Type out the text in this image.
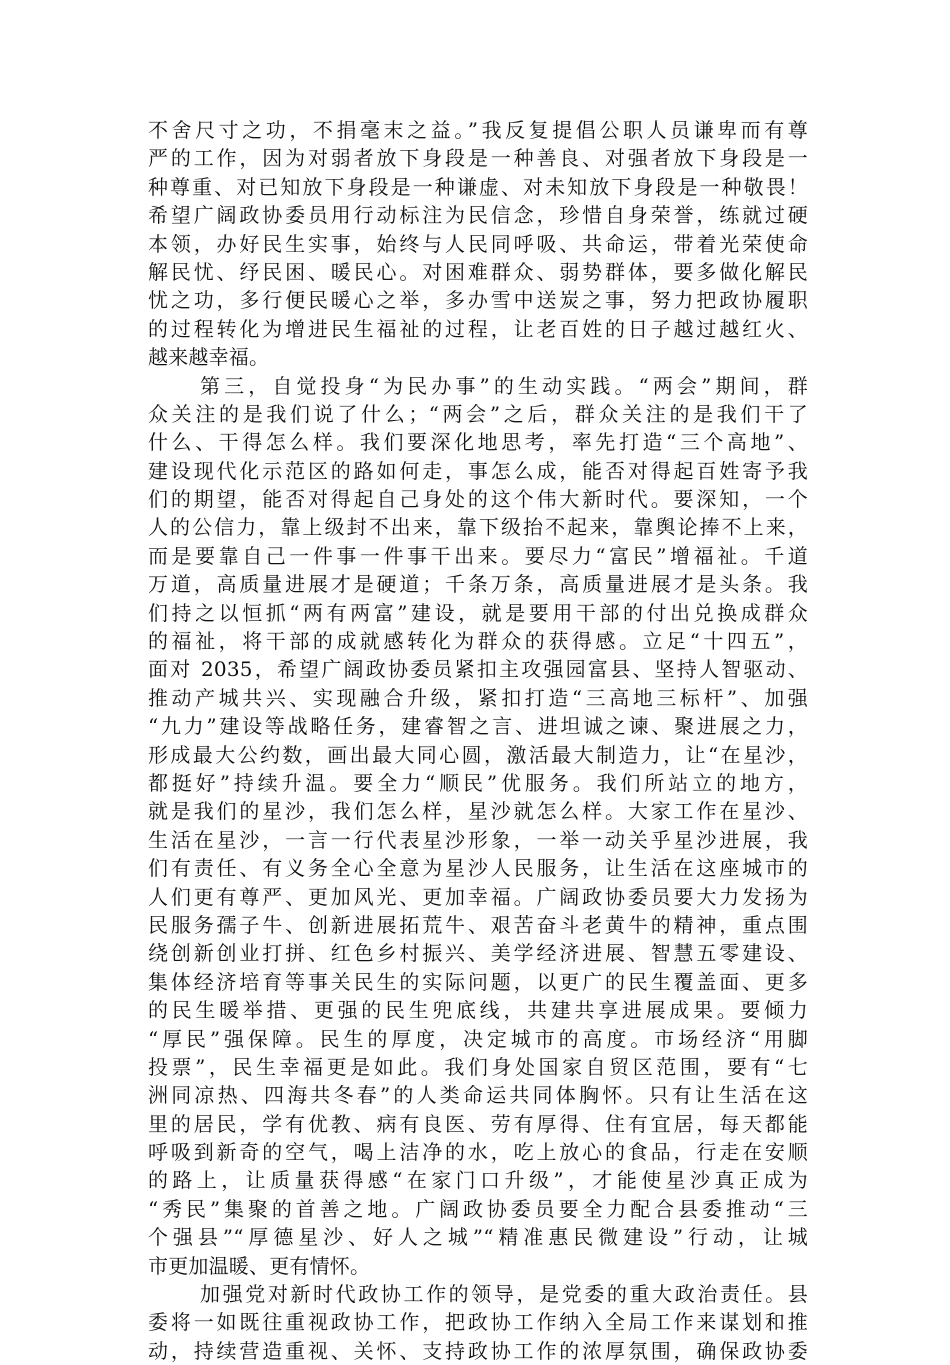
不舍尺寸之功，不捐毫末之益。”我反复提倡公职人员谦卑而有尊
严的工作，因为对弱者放下身段是一种善良、对强者放下身段是一
种尊重、对已知放下身段是一种谦虚、对未知放下身段是一种敬畏！
希望广阔政协委员用行动标注为民信念，珍惜自身荣誉，练就过硬
本领，办好民生实事，始终与人民同呼吸、共命运，带着光荣使命
解民忧、纾民困、暖民心。对困难群众、弱势群体，要多做化解民
忧之功，多行便民暖心之举，多办雪中送炭之事，努力把政协履职
的过程转化为增进民生福祉的过程，让老百姓的日子越过越红火、
越来越幸福。
第三，自觉投身“为民办事”的生动实践。“两会”期间，群
众关注的是我们说了什么；“两会”之后，群众关注的是我们干了
什么、干得怎么样。我们要深化地思考，率先打造“三个高地”、
建设现代化示范区的路如何走，事怎么成，能否对得起百姓寄予我
们的期望，能否对得起自己身处的这个伟大新时代。要深知，一个
人的公信力，靠上级封不出来，靠下级抬不起来，靠舆论捧不上来，
而是要靠自己一件事一件事干出来。要尽力“富民”增福祉。千道
万道，高质量进展才是硬道；千条万条，高质量进展才是头条。我
们持之以恒抓“两有两富”建设，就是要用干部的付出兑换成群众
的福祉，将干部的成就感转化为群众的获得感。立足“十四五”，
面对 2035，希望广阔政协委员紧扣主攻强园富县、坚持人智驱动、
推动产城共兴、实现融合升级，紧扣打造“三高地三标杆”、加强
“九力”建设等战略任务，建睿智之言、进坦诚之谏、聚进展之力，
形成最大公约数，画出最大同心圆，激活最大制造力，让“在星沙，
都挺好”持续升温。要全力“顺民”优服务。我们所站立的地方，
就是我们的星沙，我们怎么样，星沙就怎么样。大家工作在星沙、
生活在星沙，一言一行代表星沙形象，一举一动关乎星沙进展，我
们有责任、有义务全心全意为星沙人民服务，让生活在这座城市的
人们更有尊严、更加风光、更加幸福。广阔政协委员要大力发扬为
民服务孺子牛、创新进展拓荒牛、艰苦奋斗老黄牛的精神，重点围
绕创新创业打拼、红色乡村振兴、美学经济进展、智慧五零建设、
集体经济培育等事关民生的实际问题，以更广的民生覆盖面、更多
的民生暖举措、更强的民生兜底线，共建共享进展成果。要倾力
“厚民”强保障。民生的厚度，决定城市的高度。市场经济“用脚
投票”，民生幸福更是如此。我们身处国家自贸区范围，要有“七
洲同凉热、四海共冬春”的人类命运共同体胸怀。只有让生活在这
里的居民，学有优教、病有良医、劳有厚得、住有宜居，每天都能
呼吸到新奇的空气，喝上洁净的水，吃上放心的食品，行走在安顺
的路上，让质量获得感“在家门口升级”，才能使星沙真正成为
“秀民”集聚的首善之地。广阔政协委员要全力配合县委推动“三
个强县”“厚德星沙、好人之城”“精准惠民微建设”行动，让城
市更加温暖、更有情怀。
加强党对新时代政协工作的领导，是党委的重大政治责任。县
委将一如既往重视政协工作，把政协工作纳入全局工作来谋划和推
动，持续营造重视、关怀、支持政协工作的浓厚氛围，确保政协委
